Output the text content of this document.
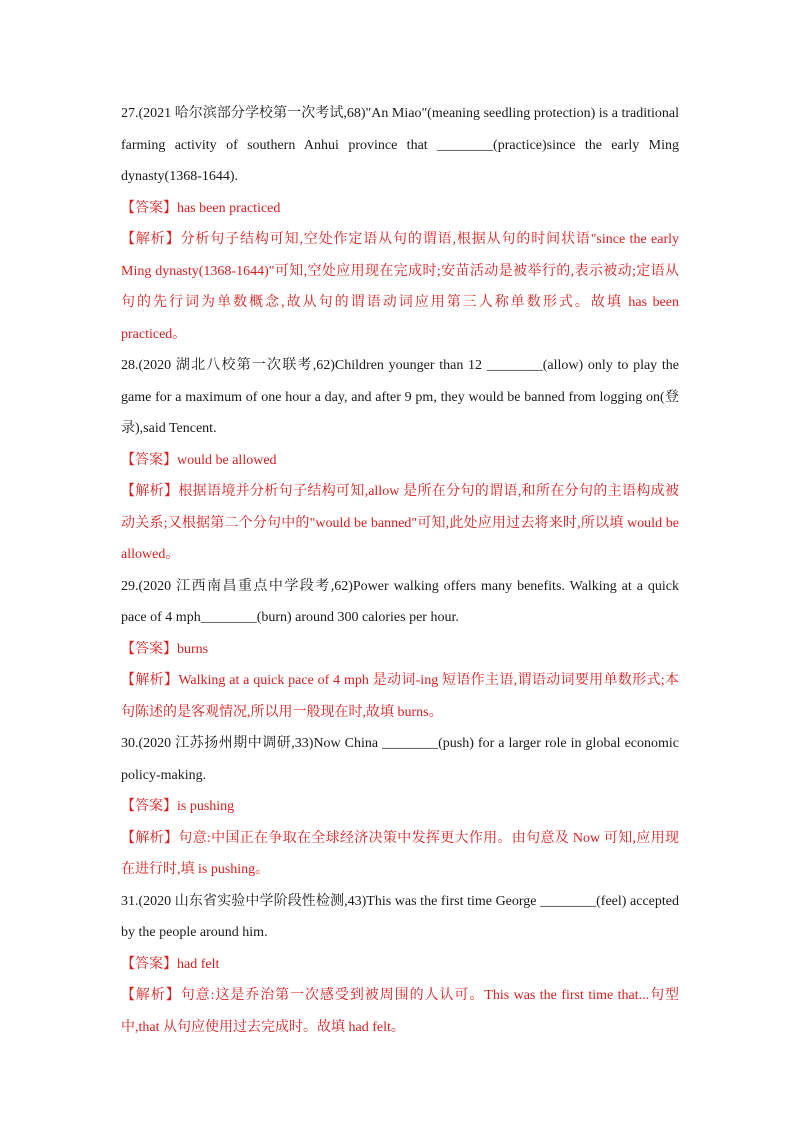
27.(2021 哈尔滨部分学校第一次考试,68)"An Miao"(meaning seedling protection) is a traditional farming activity of southern Anhui province that ________(practice)since the early Ming dynasty(1368-1644).

【答案】has been practiced

【解析】分析句子结构可知,空处作定语从句的谓语,根据从句的时间状语"since the early Ming dynasty(1368-1644)"可知,空处应用现在完成时;安苗活动是被举行的,表示被动;定语从句的先行词为单数概念,故从句的谓语动词应用第三人称单数形式。故填 has been practiced。

28.(2020 湖北八校第一次联考,62)Children younger than 12 ________(allow) only to play the game for a maximum of one hour a day, and after 9 pm, they would be banned from logging on(登录),said Tencent.

【答案】would be allowed

【解析】根据语境并分析句子结构可知,allow 是所在分句的谓语,和所在分句的主语构成被动关系;又根据第二个分句中的"would be banned"可知,此处应用过去将来时,所以填 would be allowed。

29.(2020 江西南昌重点中学段考,62)Power walking offers many benefits. Walking at a quick pace of 4 mph________(burn) around 300 calories per hour.

【答案】burns

【解析】Walking at a quick pace of 4 mph 是动词-ing 短语作主语,谓语动词要用单数形式;本句陈述的是客观情况,所以用一般现在时,故填 burns。

30.(2020 江苏扬州期中调研,33)Now China ________(push) for a larger role in global economic policy-making.

【答案】is pushing

【解析】句意:中国正在争取在全球经济决策中发挥更大作用。由句意及 Now 可知,应用现在进行时,填 is pushing。

31.(2020 山东省实验中学阶段性检测,43)This was the first time George ________(feel) accepted by the people around him.

【答案】had felt

【解析】句意:这是乔治第一次感受到被周围的人认可。This was the first time that...句型中,that 从句应使用过去完成时。故填 had felt。
